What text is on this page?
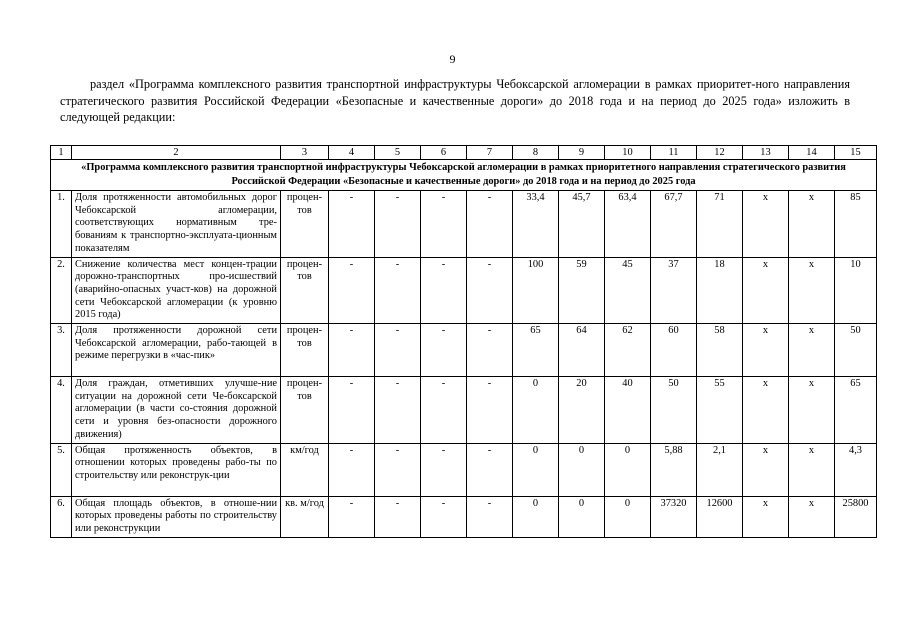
9
раздел «Программа комплексного развития транспортной инфраструктуры Чебоксарской агломерации в рамках приоритет-ного направления стратегического развития Российской Федерации «Безопасные и качественные дороги» до 2018 года и на период до 2025 года» изложить в следующей редакции:
1	2	3	4	5	6	7	8	9	10	11	12	13	14	15
«Программа комплексного развития транспортной инфраструктуры Чебоксарской агломерации в рамках приоритетного направления стратегического развития Российской Федерации «Безопасные и качественные дороги» до 2018 года и на период до 2025 года														
1.	Доля протяженности автомобильных дорог Чебоксарской агломерации, соответствующих нормативным тре-бованиям к транспортно-эксплуата-ционным показателям	процен-тов	-	-	-	-	33,4	45,7	63,4	67,7	71	х	х	85
2.	Снижение количества мест концен-трации дорожно-транспортных про-исшествий (аварийно-опасных участ-ков) на дорожной сети Чебоксарской агломерации (к уровню 2015 года)	процен-тов	-	-	-	-	100	59	45	37	18	х	х	10
3.	Доля протяженности дорожной сети Чебоксарской агломерации, рабо-тающей в режиме перегрузки в «час-пик»	процен-тов	-	-	-	-	65	64	62	60	58	х	х	50
4.	Доля граждан, отметивших улучше-ние ситуации на дорожной сети Че-боксарской агломерации (в части со-стояния дорожной сети и уровня без-опасности дорожного движения)	процен-тов	-	-	-	-	0	20	40	50	55	х	х	65
5.	Общая протяженность объектов, в отношении которых проведены рабо-ты по строительству или реконструк-ции	км/год	-	-	-	-	0	0	0	5,88	2,1	х	х	4,3
6.	Общая площадь объектов, в отноше-нии которых проведены работы по строительству или реконструкции	кв. м/год	-	-	-	-	0	0	0	37320	12600	х	х	25800
